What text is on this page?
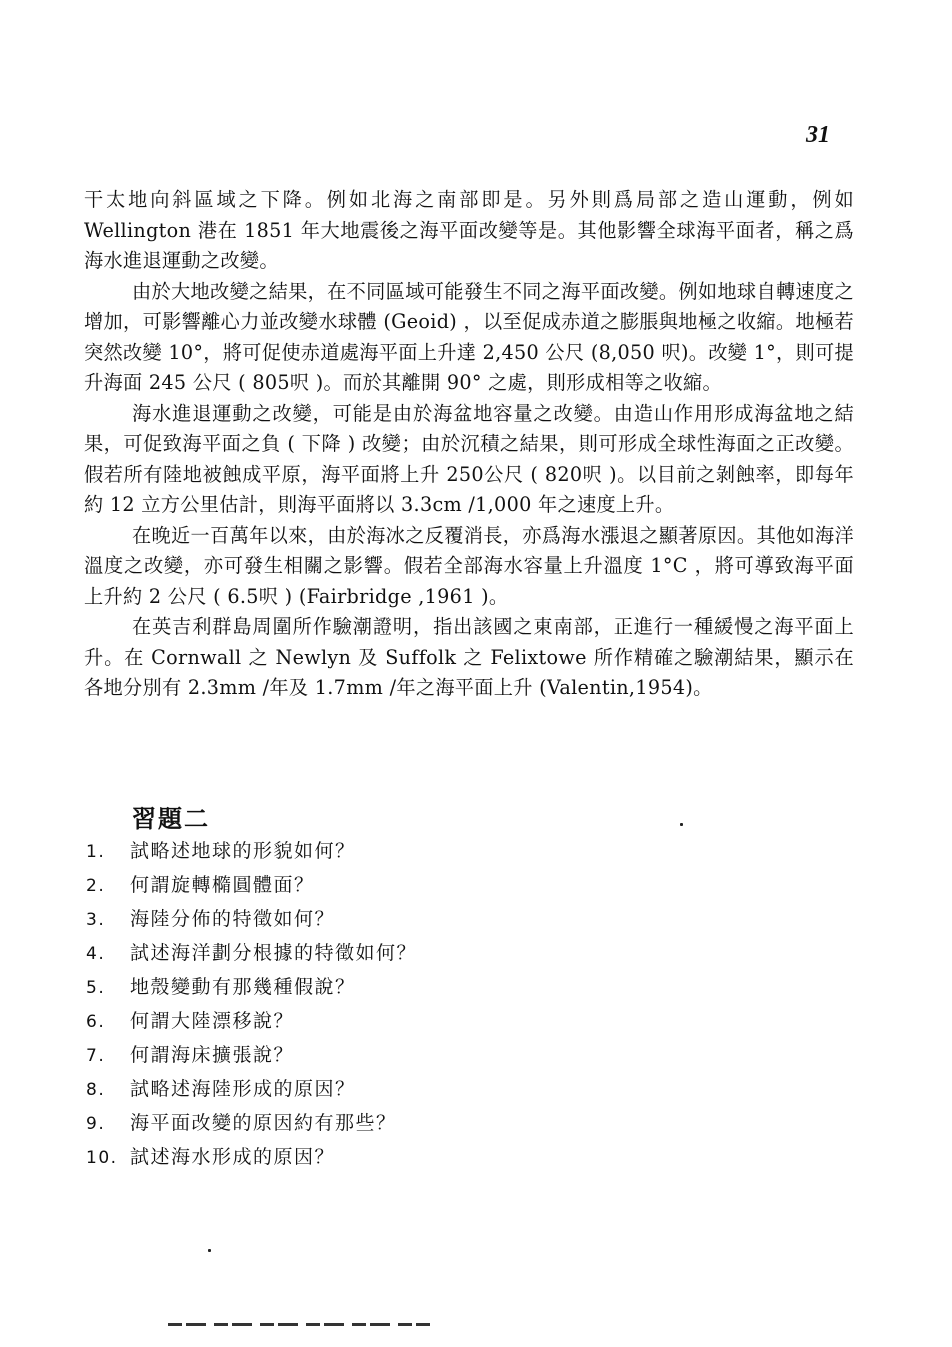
31

干太地向斜區域之下降。例如北海之南部即是。另外則爲局部之造山運動，例如 Wellington 港在 1851 年大地震後之海平面改變等是。其他影響全球海平面者，稱之爲海水進退運動之改變。

由於大地改變之結果，在不同區域可能發生不同之海平面改變。例如地球自轉速度之增加，可影響離心力並改變水球體 (Geoid) ，以至促成赤道之膨脹與地極之收縮。地極若突然改變 10°，將可促使赤道處海平面上升達 2,450 公尺 (8,050 呎)。改變 1°，則可提升海面 245 公尺 ( 805呎 )。而於其離開 90° 之處，則形成相等之收縮。

海水進退運動之改變，可能是由於海盆地容量之改變。由造山作用形成海盆地之結果，可促致海平面之負 ( 下降 ) 改變；由於沉積之結果，則可形成全球性海面之正改變。假若所有陸地被蝕成平原，海平面將上升 250公尺 ( 820呎 )。以目前之剝蝕率，即每年約 12 立方公里估計，則海平面將以 3.3cm /1,000 年之速度上升。

在晚近一百萬年以來，由於海冰之反覆消長，亦爲海水漲退之顯著原因。其他如海洋溫度之改變，亦可發生相關之影響。假若全部海水容量上升溫度 1°C ，將可導致海平面上升約 2 公尺 ( 6.5呎 ) (Fairbridge ,1961 )。

在英吉利群島周圍所作驗潮證明，指出該國之東南部，正進行一種緩慢之海平面上升。在 Cornwall 之 Newlyn 及 Suffolk 之 Felixtowe 所作精確之驗潮結果，顯示在各地分別有 2.3mm /年及 1.7mm /年之海平面上升 (Valentin,1954)。

習題二
1. 試略述地球的形貌如何？
2. 何謂旋轉橢圓體面？
3. 海陸分佈的特徵如何？
4. 試述海洋劃分根據的特徵如何？
5. 地殼變動有那幾種假說？
6. 何謂大陸漂移說？
7. 何謂海床擴張說？
8. 試略述海陸形成的原因？
9. 海平面改變的原因約有那些？
10. 試述海水形成的原因？
